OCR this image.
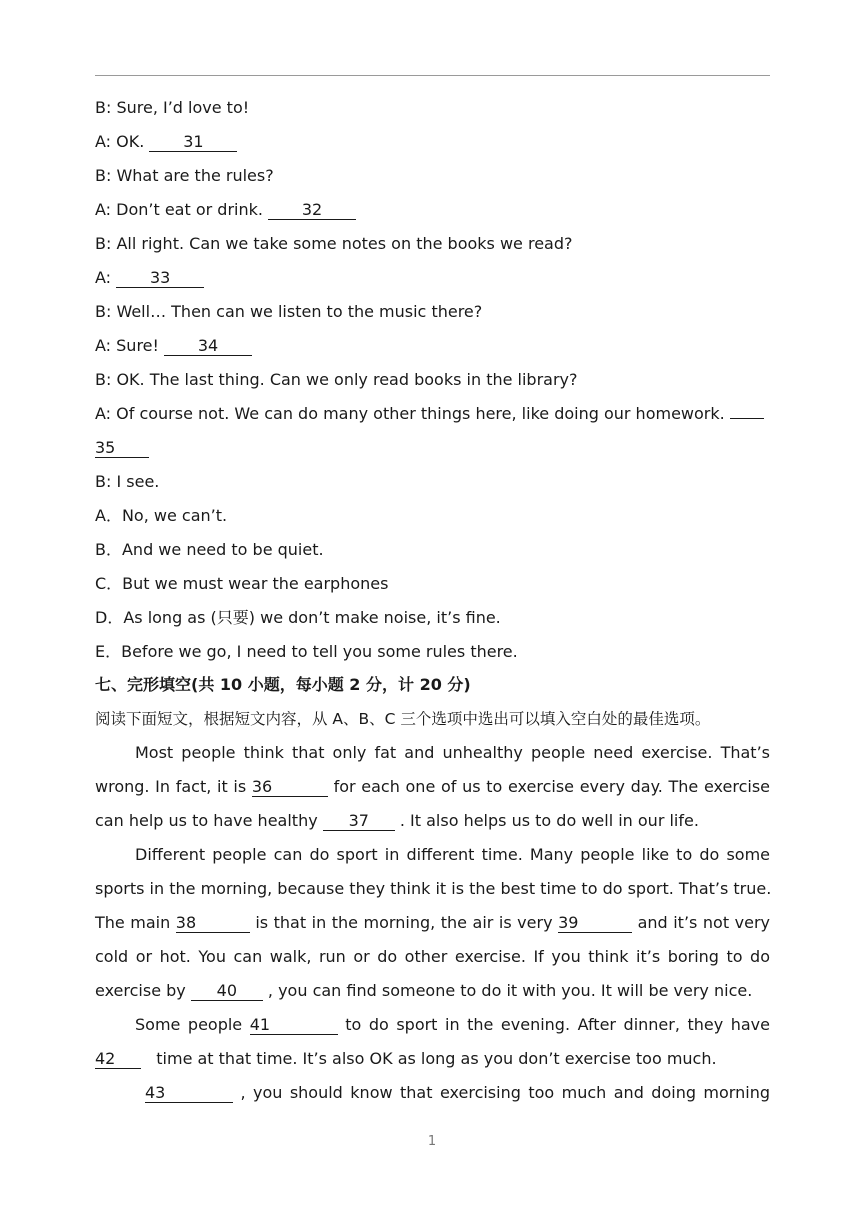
B: Sure, I’d love to!
A: OK. 31
B: What are the rules?
A: Don’t eat or drink. 32
B: All right. Can we take some notes on the books we read?
A: 33
B: Well… Then can we listen to the music there?
A: Sure! 34
B: OK. The last thing. Can we only read books in the library?
A: Of course not. We can do many other things here, like doing our homework.
35
B: I see.
A．No, we can’t.
B．And we need to be quiet.
C．But we must wear the earphones
D．As long as (只要) we don’t make noise, it’s fine.
E．Before we go, I need to tell you some rules there.
七、完形填空(共 10 小题，每小题 2 分，计 20 分)
阅读下面短文，根据短文内容，从 A、B、C 三个选项中选出可以填入空白处的最佳选项。
Most people think that only fat and unhealthy people need exercise. That’s
wrong. In fact, it is 36	for each one of us to exercise every day. The exercise
can help us to have healthy 37 . It also helps us to do well in our life.
Different people can do sport in different time. Many people like to do some
sports in the morning, because they think it is the best time to do sport. That’s true.
The main 38	is that in the morning, the air is very 39	and it’s not very
cold or hot. You can walk, run or do other exercise. If you think it’s boring to do
exercise by 40 , you can find someone to do it with you. It will be very nice.
Some people 41	to do sport in the evening. After dinner, they have
42   time at that time. It’s also OK as long as you don’t exercise too much.
43	, you should know that exercising too much and doing morning
1
